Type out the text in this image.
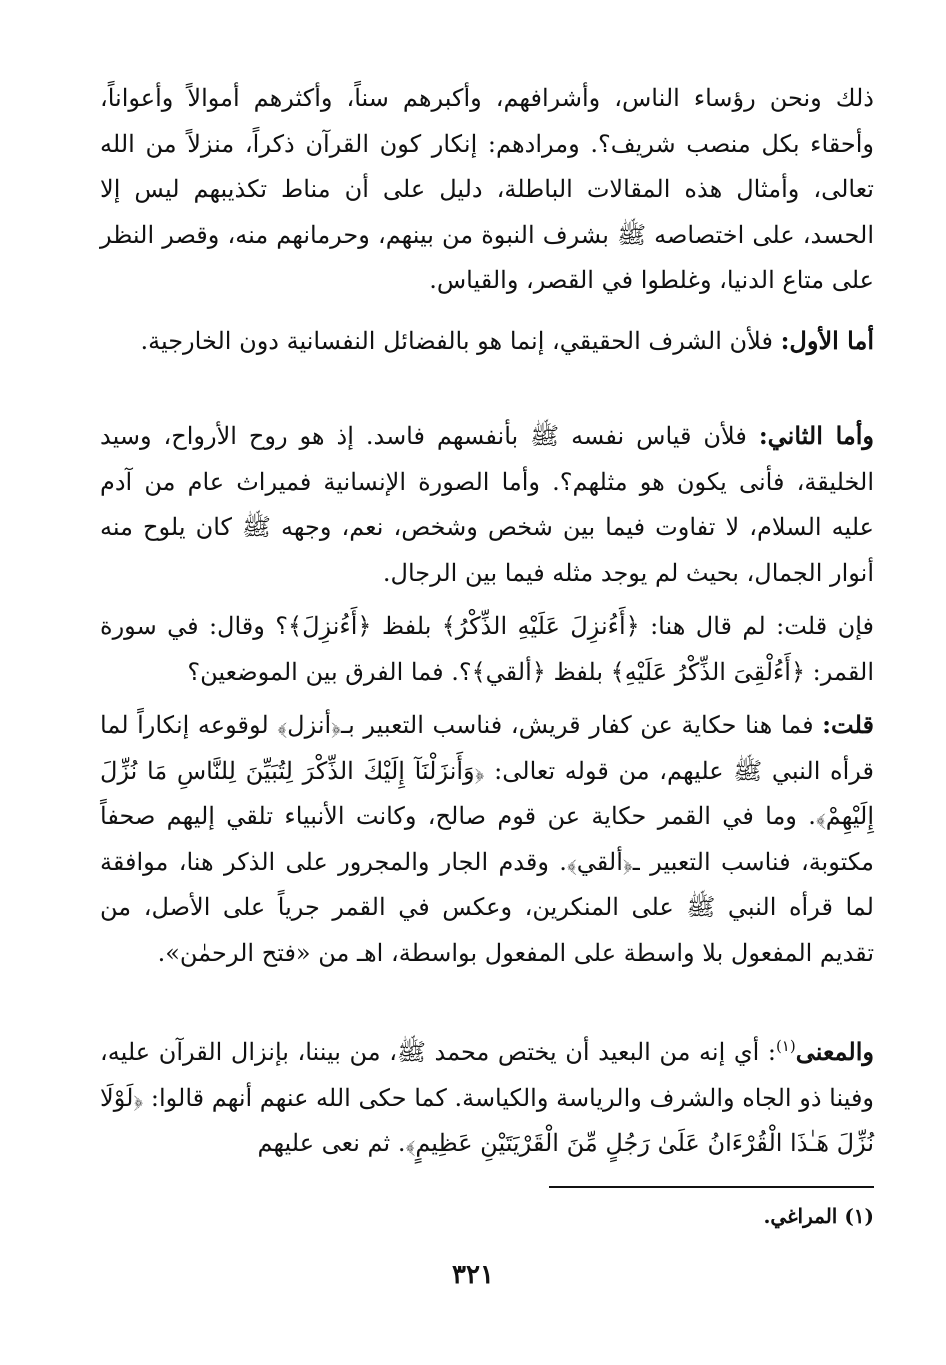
ذلك ونحن رؤساء الناس، وأشرافهم، وأكبرهم سناً، وأكثرهم أموالاً وأعواناً، وأحقاء بكل منصب شريف؟. ومرادهم: إنكار كون القرآن ذكراً، منزلاً من الله تعالى، وأمثال هذه المقالات الباطلة، دليل على أن مناط تكذيبهم ليس إلا الحسد، على اختصاصه ﷺ بشرف النبوة من بينهم، وحرمانهم منه، وقصر النظر على متاع الدنيا، وغلطوا في القصر، والقياس.

أما الأول: فلأن الشرف الحقيقي، إنما هو بالفضائل النفسانية دون الخارجية.

وأما الثاني: فلأن قياس نفسه ﷺ بأنفسهم فاسد. إذ هو روح الأرواح، وسيد الخليقة، فأنى يكون هو مثلهم؟. وأما الصورة الإنسانية فميراث عام من آدم عليه السلام، لا تفاوت فيما بين شخص وشخص، نعم، وجهه ﷺ كان يلوح منه أنوار الجمال، بحيث لم يوجد مثله فيما بين الرجال.

فإن قلت: لم قال هنا: ﴿أَءُنزِلَ عَلَيْهِ الذِّكْرُ﴾ بلفظ ﴿أَءُنزِلَ﴾؟ وقال: في سورة القمر: ﴿أَءُلْقِىَ الذِّكْرُ عَلَيْهِ﴾ بلفظ ﴿ألقي﴾؟. فما الفرق بين الموضعين؟

قلت: فما هنا حكاية عن كفار قريش، فناسب التعبير بـ﴿أنزل﴾ لوقوعه إنكاراً لما قرأه النبي ﷺ عليهم، من قوله تعالى: ﴿وَأَنزَلْنَآ إِلَيْكَ الذِّكْرَ لِتُبَيِّنَ لِلنَّاسِ مَا نُزِّلَ إِلَيْهِمْ﴾. وما في القمر حكاية عن قوم صالح، وكانت الأنبياء تلقي إليهم صحفاً مكتوبة، فناسب التعبير ـ﴿ألقي﴾. وقدم الجار والمجرور على الذكر هنا، موافقة لما قرأه النبي ﷺ على المنكرين، وعكس في القمر جرياً على الأصل، من تقديم المفعول بلا واسطة على المفعول بواسطة، اهـ من «فتح الرحمٰن».

والمعنى$^{(١)}$: أي إنه من البعيد أن يختص محمد ﷺ، من بيننا، بإنزال القرآن عليه، وفينا ذو الجاه والشرف والرياسة والكياسة. كما حكى الله عنهم أنهم قالوا: ﴿لَوْلَا نُزِّلَ هَـٰذَا الْقُرْءَانُ عَلَىٰ رَجُلٍ مِّنَ الْقَرْيَتَيْنِ عَظِيمٍ﴾. ثم نعى عليهم

(١) المراغي.
٣٢١
